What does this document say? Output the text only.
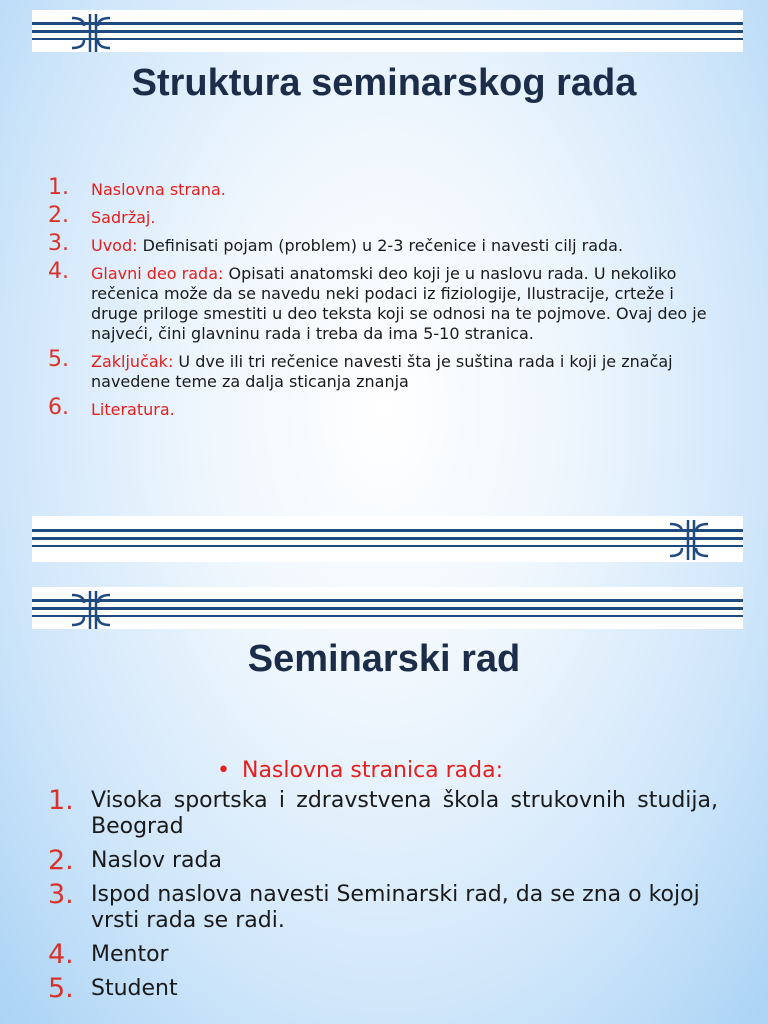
Struktura seminarskog rada
1. Naslovna strana.
2. Sadržaj.
3. Uvod: Definisati pojam (problem) u 2-3 rečenice i navesti cilj rada.
4. Glavni deo rada: Opisati anatomski deo koji je u naslovu rada. U nekoliko rečenica može da se navedu neki podaci iz fiziologije, Ilustracije, crteže i druge priloge smestiti u deo teksta koji se odnosi na te pojmove. Ovaj deo je najveći, čini glavninu rada i treba da ima 5-10 stranica.
5. Zaključak: U dve ili tri rečenice navesti šta je suština rada i koji je značaj navedene teme za dalja sticanja znanja
6. Literatura.
Seminarski rad
• Naslovna stranica rada:
1. Visoka sportska i zdravstvena škola strukovnih studija, Beograd
2. Naslov rada
3. Ispod naslova navesti Seminarski rad, da se zna o kojoj vrsti rada se radi.
4. Mentor
5. Student
